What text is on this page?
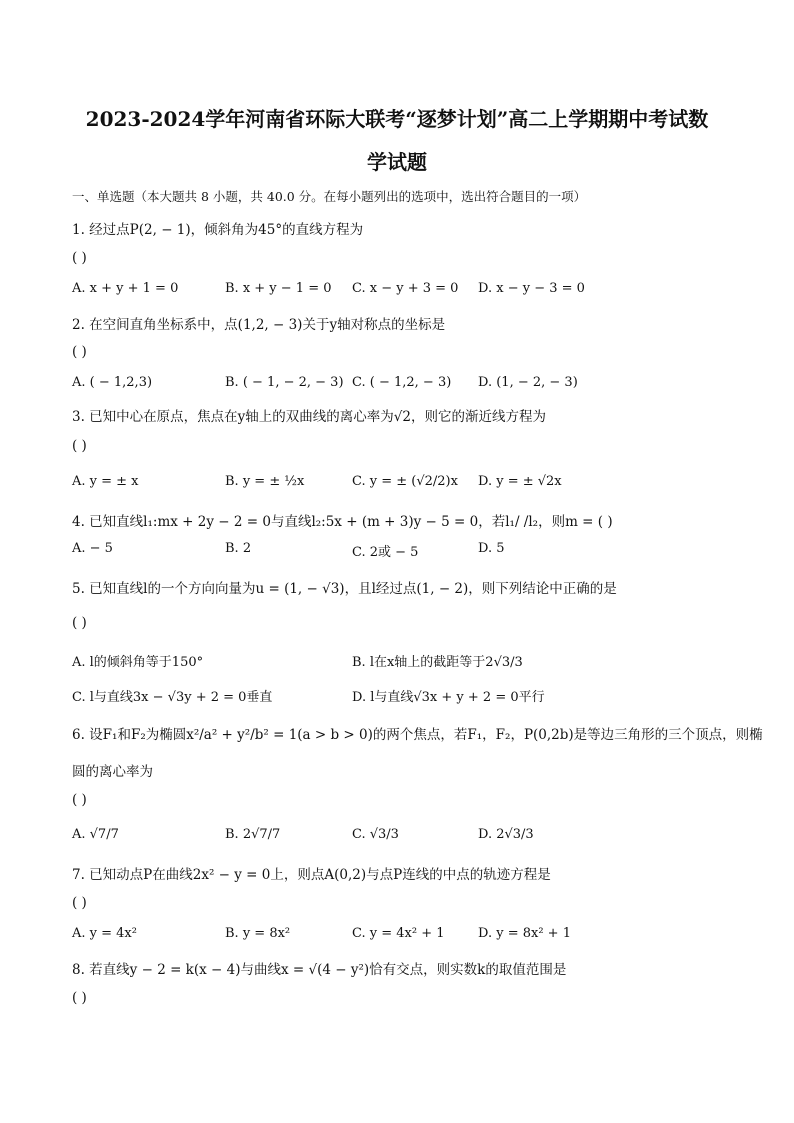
2023-2024学年河南省环际大联考“逐梦计划”高二上学期期中考试数
学试题
一、单选题（本大题共 8 小题，共 40.0 分。在每小题列出的选项中，选出符合题目的一项）
1. 经过点P(2, − 1)，倾斜角为45°的直线方程为
( )
A. x + y + 1 = 0	B. x + y − 1 = 0 C. x − y + 3 = 0 D. x − y − 3 = 0
2. 在空间直角坐标系中，点(1,2, − 3)关于y轴对称点的坐标是
( )
A. ( − 1,2,3)	B. ( − 1, − 2, − 3) C. ( − 1,2, − 3) D. (1, − 2, − 3)
3. 已知中心在原点，焦点在y轴上的双曲线的离心率为√2，则它的渐近线方程为
( )
A. y = ± x	B. y = ± ½x	C. y = ± (√2/2)x D. y = ± √2x
4. 已知直线l₁:mx + 2y − 2 = 0与直线l₂:5x + (m + 3)y − 5 = 0，若l₁/ /l₂，则m = ( )
A. − 5	B. 2	C. 2或 − 5	D. 5
5. 已知直线l的一个方向向量为u = (1, − √3)，且l经过点(1, − 2)，则下列结论中正确的是
( )
A. l的倾斜角等于150°	B. l在x轴上的截距等于2√3/3
C. l与直线3x − √3y + 2 = 0垂直	D. l与直线√3x + y + 2 = 0平行
6. 设F₁和F₂为椭圆x²/a² + y²/b² = 1(a > b > 0)的两个焦点，若F₁，F₂，P(0,2b)是等边三角形的三个顶点，则椭
圆的离心率为
( )
A. √7/7	B. 2√7/7	C. √3/3	D. 2√3/3
7. 已知动点P在曲线2x² − y = 0上，则点A(0,2)与点P连线的中点的轨迹方程是
( )
A. y = 4x²	B. y = 8x²	C. y = 4x² + 1	D. y = 8x² + 1
8. 若直线y − 2 = k(x − 4)与曲线x = √(4 − y²)恰有交点，则实数k的取值范围是
( )
